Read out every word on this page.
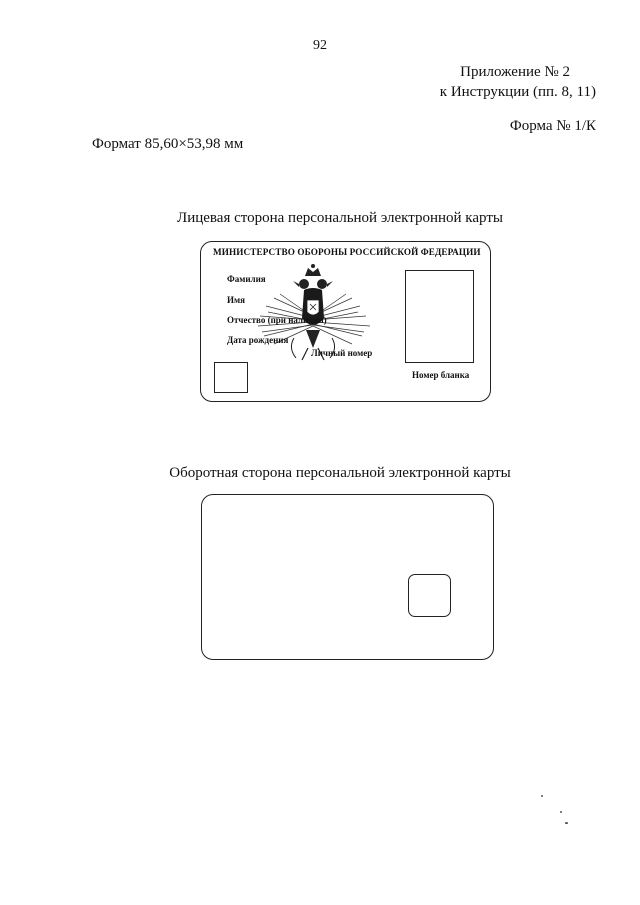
92
Приложение № 2
к Инструкции (пп. 8, 11)
Форма № 1/К
Формат 85,60×53,98 мм
Лицевая сторона персональной электронной карты
МИНИСТЕРСТВО ОБОРОНЫ РОССИЙСКОЙ ФЕДЕРАЦИИ
Фамилия
Имя
Отчество (при наличии)
Дата рождения
Личный номер
Номер бланка
Оборотная сторона персональной электронной карты
